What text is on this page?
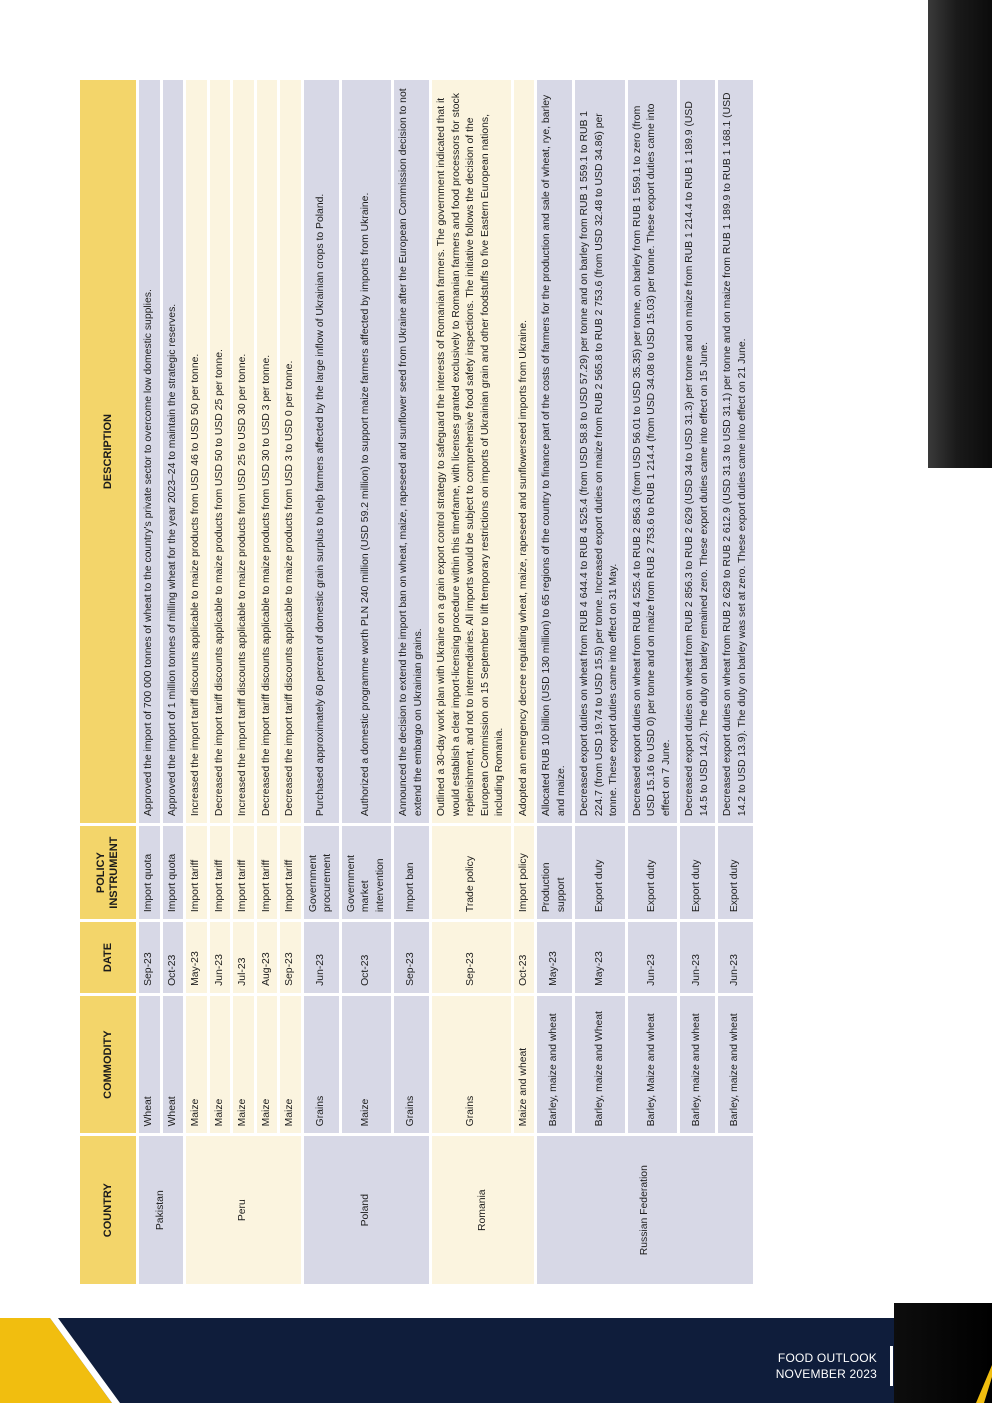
COUNTRY	COMMODITY	DATE	POLICY INSTRUMENT	DESCRIPTION
Pakistan	Wheat	Sep-23	Import quota	Approved the import of 700 000 tonnes of wheat to the country's private sector to overcome low domestic supplies.
	Wheat	Oct-23	Import quota	Approved the import of 1 million tonnes of milling wheat for the year 2023–24 to maintain the strategic reserves.
Peru	Maize	May-23	Import tariff	Increased the import tariff discounts applicable to maize products from USD 46 to USD 50 per tonne.
	Maize	Jun-23	Import tariff	Decreased the import tariff discounts applicable to maize products from USD 50 to USD 25 per tonne.
	Maize	Jul-23	Import tariff	Increased the import tariff discounts applicable to maize products from USD 25 to USD 30 per tonne.
	Maize	Aug-23	Import tariff	Decreased the import tariff discounts applicable to maize products from USD 30 to USD 3 per tonne.
	Maize	Sep-23	Import tariff	Decreased the import tariff discounts applicable to maize products from USD 3 to USD 0 per tonne.
Poland	Grains	Jun-23	Government procurement	Purchased approximately 60 percent of domestic grain surplus to help farmers affected by the large inflow of Ukrainian crops to Poland.
	Maize	Oct-23	Government market intervention	Authorized a domestic programme worth PLN 240 million (USD 59.2 million) to support maize farmers affected by imports from Ukraine.
	Grains	Sep-23	Import ban	Announced the decision to extend the import ban on wheat, maize, rapeseed and sunflower seed from Ukraine after the European Commission decision to not extend the embargo on Ukrainian grains.
Romania	Grains	Sep-23	Trade policy	Outlined a 30-day work plan with Ukraine on a grain export control strategy to safeguard the interests of Romanian farmers. The government indicated that it would establish a clear import-licensing procedure within this timeframe, with licenses granted exclusively to Romanian farmers and food processors for stock replenishment, and not to intermediaries. All imports would be subject to comprehensive food safety inspections. The initiative follows the decision of the European Commission on 15 September to lift temporary restrictions on imports of Ukrainian grain and other foodstuffs to five Eastern European nations, including Romania.
	Maize and wheat	Oct-23	Import policy	Adopted an emergency decree regulating wheat, maize, rapeseed and sunflowerseed imports from Ukraine.
Russian Federation	Barley, maize and wheat	May-23	Production support	Allocated RUB 10 billion (USD 130 million) to 65 regions of the country to finance part of the costs of farmers for the production and sale of wheat, rye, barley and maize.
	Barley, maize and Wheat	May-23	Export duty	Decreased export duties on wheat from RUB 4 644.4 to RUB 4 525.4 (from USD 58.8 to USD 57.29) per tonne and on barley from RUB 1 559.1 to RUB 1 224.7 (from USD 19.74 to USD 15.5) per tonne. Increased export duties on maize from RUB 2 565.8 to RUB 2 753.6 (from USD 32.48 to USD 34.86) per tonne. These export duties came into effect on 31 May.
	Barley, Maize and wheat	Jun-23	Export duty	Decreased export duties on wheat from RUB 4 525.4 to RUB 2 856.3 (from USD 56.01 to USD 35.35) per tonne, on barley from RUB 1 559.1 to zero (from USD 15.16 to USD 0) per tonne and on maize from RUB 2 753.6 to RUB 1 214.4 (from USD 34.08 to USD 15.03) per tonne. These export duties came into effect on 7 June.
	Barley, maize and wheat	Jun-23	Export duty	Decreased export duties on wheat from RUB 2 856.3 to RUB 2 629 (USD 34 to USD 31.3) per tonne and on maize from RUB 1 214.4 to RUB 1 189.9 (USD 14.5 to USD 14.2). The duty on barley remained zero. These export duties came into effect on 15 June.
	Barley, maize and wheat	Jun-23	Export duty	Decreased export duties on wheat from RUB 2 629 to RUB 2 612.9 (USD 31.3 to USD 31.1) per tonne and on maize from RUB 1 189.9 to RUB 1 168.1 (USD 14.2 to USD 13.9). The duty on barley was set at zero. These export duties came into effect on 21 June.
FOOD OUTLOOK
NOVEMBER 2023
